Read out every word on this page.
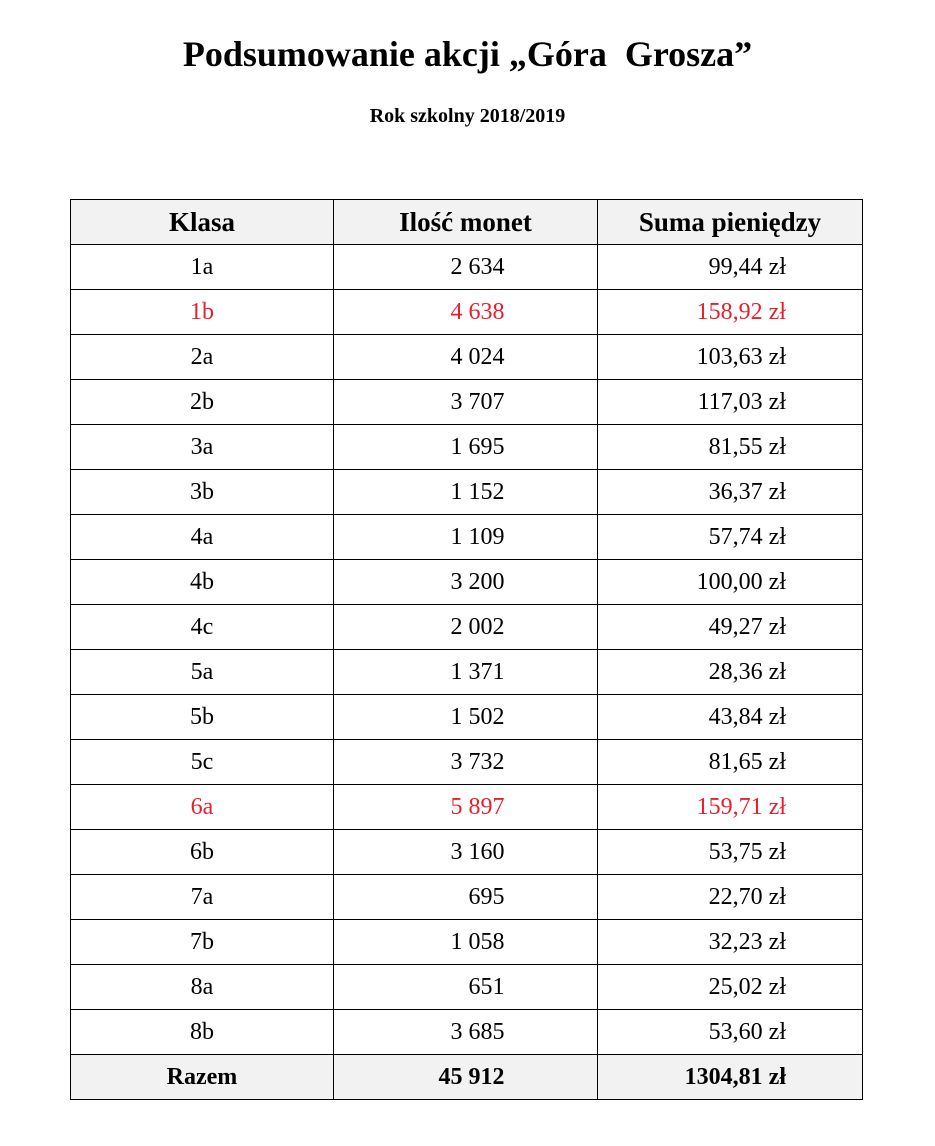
Podsumowanie akcji „Góra  Grosza”
Rok szkolny 2018/2019
Klasa	Ilość monet	Suma pieniędzy
1a	2 634	99,44 zł
1b	4 638	158,92 zł
2a	4 024	103,63 zł
2b	3 707	117,03 zł
3a	1 695	81,55 zł
3b	1 152	36,37 zł
4a	1 109	57,74 zł
4b	3 200	100,00 zł
4c	2 002	49,27 zł
5a	1 371	28,36 zł
5b	1 502	43,84 zł
5c	3 732	81,65 zł
6a	5 897	159,71 zł
6b	3 160	53,75 zł
7a	695	22,70 zł
7b	1 058	32,23 zł
8a	651	25,02 zł
8b	3 685	53,60 zł
Razem	45 912	1304,81 zł
